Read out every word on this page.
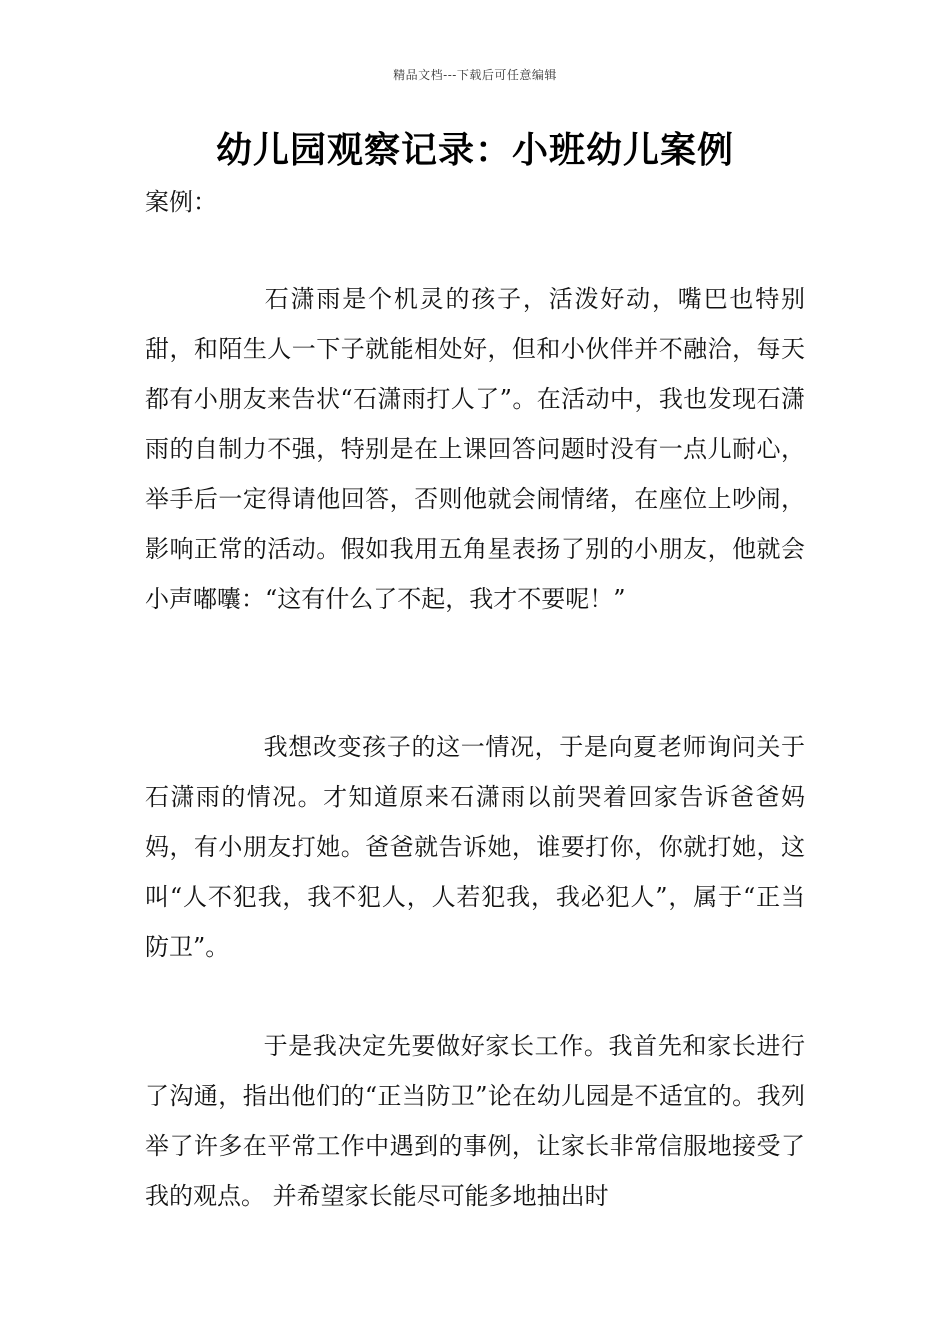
精品文档---下载后可任意编辑
幼儿园观察记录：小班幼儿案例
案例：
石潇雨是个机灵的孩子，活泼好动，嘴巴也特别甜，和陌生人一下子就能相处好，但和小伙伴并不融洽，每天都有小朋友来告状“石潇雨打人了”。在活动中，我也发现石潇雨的自制力不强，特别是在上课回答问题时没有一点儿耐心，举手后一定得请他回答，否则他就会闹情绪，在座位上吵闹，影响正常的活动。假如我用五角星表扬了别的小朋友，他就会小声嘟囔：“这有什么了不起，我才不要呢！”
我想改变孩子的这一情况，于是向夏老师询问关于石潇雨的情况。才知道原来石潇雨以前哭着回家告诉爸爸妈妈，有小朋友打她。爸爸就告诉她，谁要打你，你就打她，这叫“人不犯我，我不犯人，人若犯我，我必犯人”，属于“正当防卫”。
于是我决定先要做好家长工作。我首先和家长进行了沟通，指出他们的“正当防卫”论在幼儿园是不适宜的。我列举了许多在平常工作中遇到的事例，让家长非常信服地接受了我的观点。 并希望家长能尽可能多地抽出时
